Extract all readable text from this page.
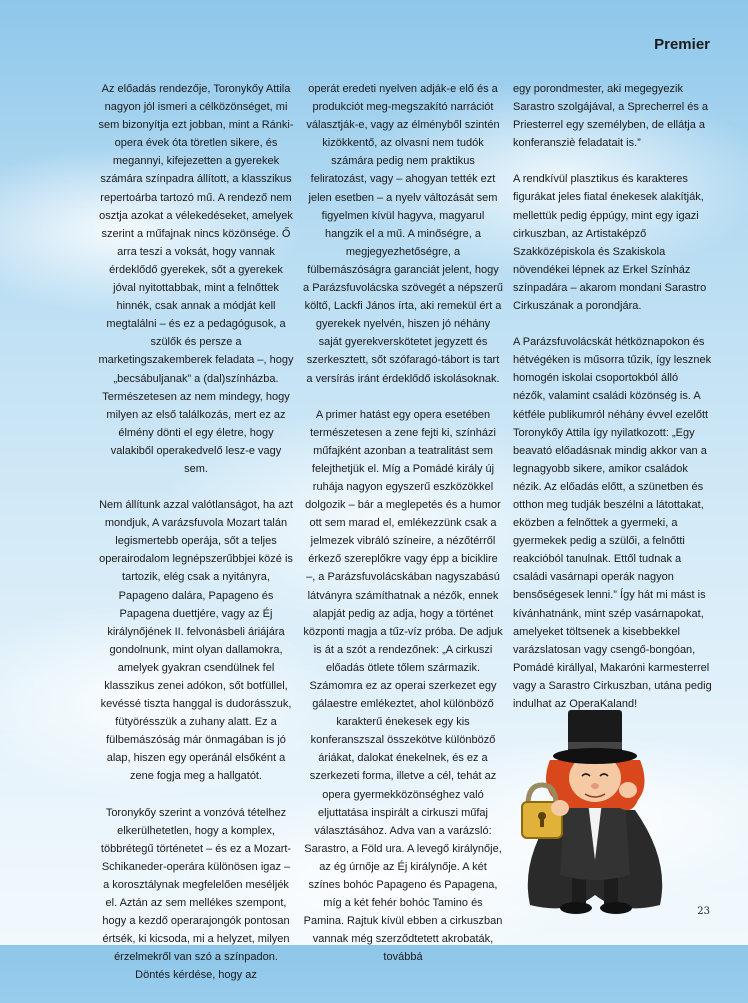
Premier

Az előadás rendezője, Toronykőy Attila nagyon jól ismeri a célközönséget, mi sem bizonyítja ezt jobban, mint a Ránki-opera évek óta töretlen sikere, és megannyi, kifejezetten a gyerekek számára színpadra állított, a klasszikus repertoárba tartozó mű. A rendező nem osztja azokat a vélekedéseket, amelyek szerint a műfajnak nincs közönsége. Ő arra teszi a voksát, hogy vannak érdeklődő gyerekek, sőt a gyerekek jóval nyitottabbak, mint a felnőttek hinnék, csak annak a módját kell megtalálni – és ez a pedagógusok, a szülők és persze a marketingszakemberek feladata –, hogy „becsábuljanak” a (dal)színházba. Természetesen az nem mindegy, hogy milyen az első találkozás, mert ez az élmény dönti el egy életre, hogy valakiből operakedvelő lesz-e vagy sem.

Nem állítunk azzal valótlanságot, ha azt mondjuk, A varázsfuvola Mozart talán legismertebb operája, sőt a teljes operairodalom legnépszerűbbjei közé is tartozik, elég csak a nyitányra, Papageno dalára, Papageno és Papagena duettjére, vagy az Éj királynőjének II. felvonásbeli áriájára gondolnunk, mint olyan dallamokra, amelyek gyakran csendülnek fel klasszikus zenei adókon, sőt botfüllel, kevéssé tiszta hanggal is dudorásszuk, fütyörésszük a zuhany alatt. Ez a fülbemászóság már önmagában is jó alap, hiszen egy operánál elsőként a zene fogja meg a hallgatót.

Toronykőy szerint a vonzóvá tételhez elkerülhetetlen, hogy a komplex, többrétegű történetet – és ez a Mozart-Schikaneder-operára különösen igaz – a korosztálynak megfelelően meséljék el. Aztán az sem mellékes szempont, hogy a kezdő operarajongók pontosan értsék, ki kicsoda, mi a helyzet, milyen érzelmekről van szó a színpadon. Döntés kérdése, hogy az

operát eredeti nyelven adják-e elő és a produkciót meg-megszakító narrációt választják-e, vagy az élményből szintén kizökkentő, az olvasni nem tudók számára pedig nem praktikus feliratozást, vagy – ahogyan tették ezt jelen esetben – a nyelv változását sem figyelmen kívül hagyva, magyarul hangzik el a mű. A minőségre, a megjegyezhetőségre, a fülbemászóságra garanciát jelent, hogy a Parázsfuvolácska szövegét a népszerű költő, Lackfi János írta, aki remekül ért a gyerekek nyelvén, hiszen jó néhány saját gyerekverskötetet jegyzett és szerkesztett, sőt szófaragó-tábort is tart a versírás iránt érdeklődő iskolásoknak.

A primer hatást egy opera esetében természetesen a zene fejti ki, színházi műfajként azonban a teatralitást sem felejthetjük el. Míg a Pomádé király új ruhája nagyon egyszerű eszközökkel dolgozik – bár a meglepetés és a humor ott sem marad el, emlékezzünk csak a jelmezek vibráló színeire, a nézőtérről érkező szereplőkre vagy épp a biciklire –, a Parázsfuvolácskában nagyszabású látványra számíthatnak a nézők, ennek alapját pedig az adja, hogy a történet központi magja a tűz-víz próba. De adjuk is át a szót a rendezőnek: „A cirkuszi előadás ötlete tőlem származik. Számomra ez az operai szerkezet egy gálaestre emlékeztet, ahol különböző karakterű énekesek egy kis konferanszszal összekötve különböző áriákat, dalokat énekelnek, és ez a szerkezeti forma, illetve a cél, tehát az opera gyermekközönséghez való eljuttatása inspirált a cirkuszi műfaj választásához. Adva van a varázsló: Sarastro, a Föld ura. A levegő királynője, az ég úrnője az Éj királynője. A két színes bohóc Papageno és Papagena, míg a két fehér bohóc Tamino és Pamina. Rajtuk kívül ebben a cirkuszban vannak még szerződtetett akrobaták, továbbá

egy porondmester, aki megegyezik Sarastro szolgájával, a Sprecherrel és a Priesterrel egy személyben, de ellátja a konferansziè feladatait is.”

A rendkívül plasztikus és karakteres figurákat jeles fiatal énekesek alakítják, mellettük pedig éppúgy, mint egy igazi cirkuszban, az Artistaképző Szakközépiskola és Szakiskola növendékei lépnek az Erkel Színház színpadára – akarom mondani Sarastro Cirkuszának a porondjára.

A Parázsfuvolácskát hétköznapokon és hétvégéken is műsorra tűzik, így lesznek homogén iskolai csoportokból álló nézők, valamint családi közönség is. A kétféle publikumról néhány évvel ezelőtt Toronykőy Attila így nyilatkozott: „Egy beavató előadásnak mindig akkor van a legnagyobb sikere, amikor családok nézik. Az előadás előtt, a szünetben és otthon meg tudják beszélni a látottakat, eközben a felnőttek a gyermeki, a gyermekek pedig a szülői, a felnőtti reakcióból tanulnak. Ettől tudnak a családi vasárnapi operák nagyon bensőségesek lenni.” Így hát mi mást is kívánhatnánk, mint szép vasárnapokat, amelyeket töltsenek a kisebbekkel varázslatosan vagy csengő-bongóan, Pomádé királlyal, Makaróni karmesterrel vagy a Sarastro Cirkuszban, utána pedig indulhat az OperaKaland!

23
